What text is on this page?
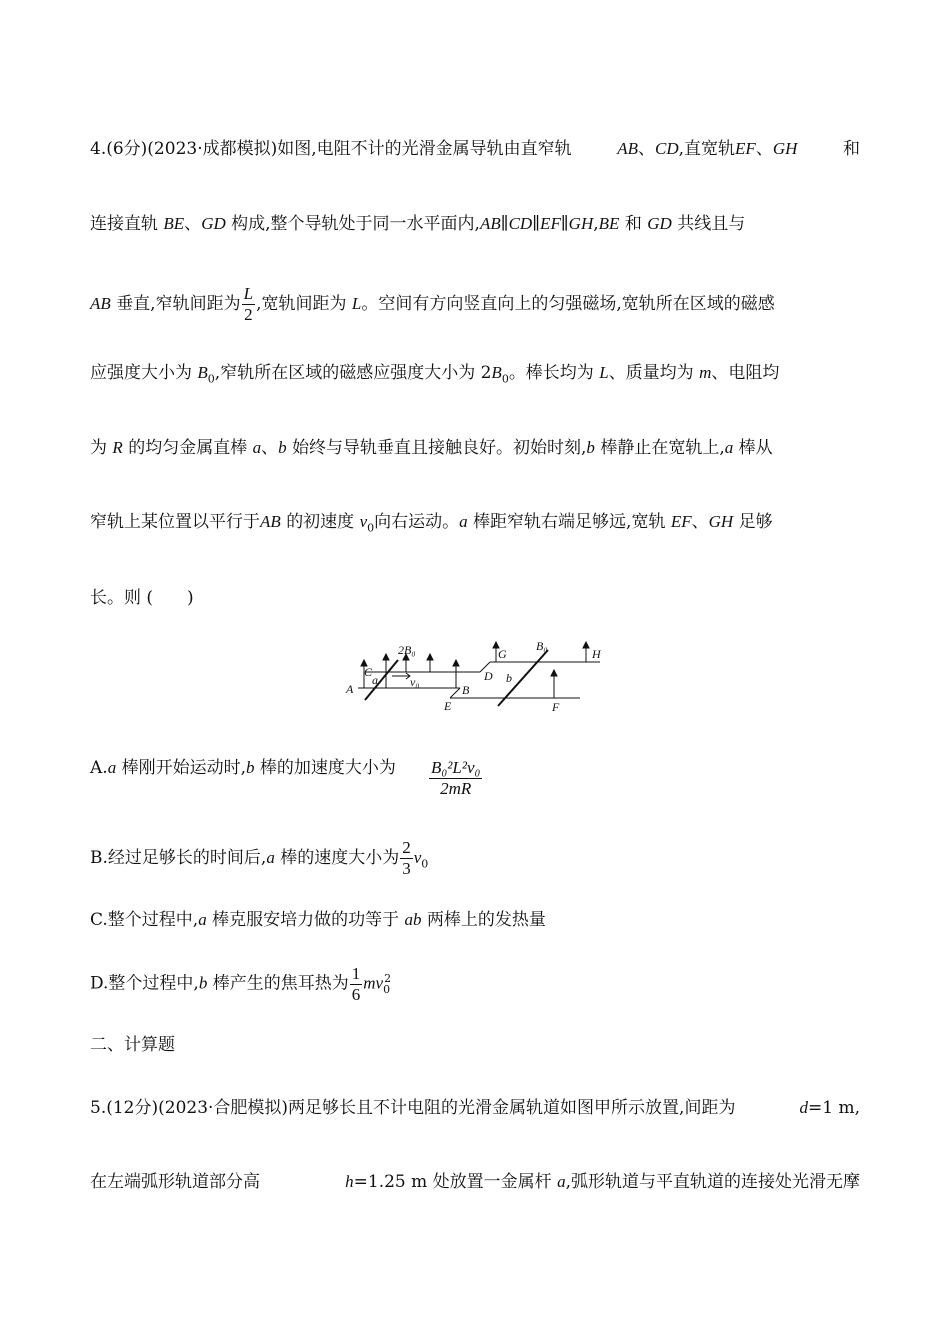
4.(6分)(2023·成都模拟)如图,电阻不计的光滑金属导轨由直窄轨	AB、CD,直宽轨EF、GH	和
连接直轨 BE、GD 构成,整个导轨处于同一水平面内,AB∥CD∥EF∥GH,BE 和 GD 共线且与
AB 垂直,窄轨间距为 $\frac{L}{2}$ ,宽轨间距为 L。空间有方向竖直向上的匀强磁场,宽轨所在区域的磁感
应强度大小为 $B_0$,窄轨所在区域的磁感应强度大小为 $2B_0$。棒长均为 L、质量均为 m、电阻均
为 R 的均匀金属直棒 a、b 始终与导轨垂直且接触良好。初始时刻,b 棒静止在宽轨上,a 棒从
窄轨上某位置以平行于AB 的初速度 $v_0$向右运动。a 棒距窄轨右端足够远,宽轨 EF、GH 足够
长。则 (　　)
A	B
C	D
E	F
G	H
a	b
v₀
2B₀	B₀
A.a 棒刚开始运动时,b 棒的加速度大小为 $\frac{\text{B₀²L²v₀}}{2mR}$
B.经过足够长的时间后,a 棒的速度大小为 $\frac{2}{3} v_0$
C.整个过程中,a 棒克服安培力做的功等于 ab 两棒上的发热量
D.整个过程中,b 棒产生的焦耳热为 $\frac{1}{6} mv_0^2$
二、计算题
5.(12分)(2023·合肥模拟)两足够长且不计电阻的光滑金属轨道如图甲所示放置,间距为	d=1 m,
在左端弧形轨道部分高	h=1.25 m 处放置一金属杆 a,弧形轨道与平直轨道的连接处光滑无摩
